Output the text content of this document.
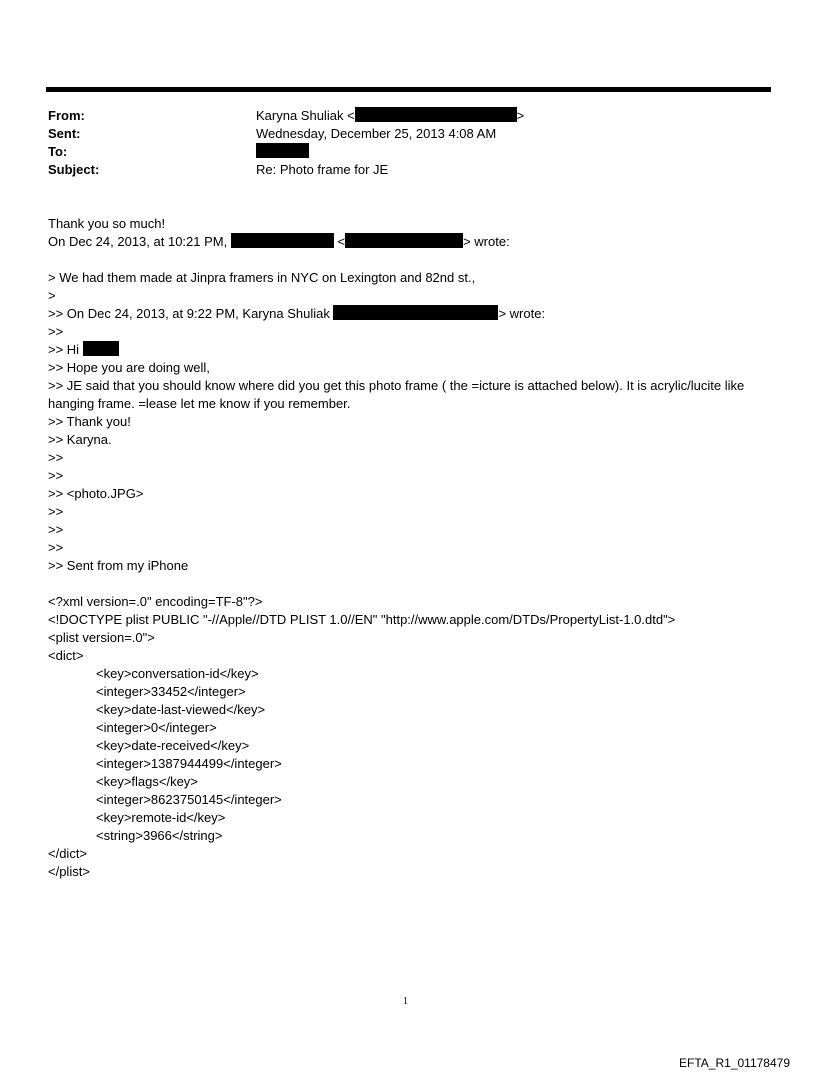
From:	Karyna Shuliak <	>
Sent:	Wednesday, December 25, 2013 4:08 AM
To:
Subject:	Re: Photo frame for JE
Thank you so much!
On Dec 24, 2013, at 10:21 PM,	<	> wrote:
> We had them made at Jinpra framers in NYC on Lexington and 82nd st.,
>
>> On Dec 24, 2013, at 9:22 PM, Karyna Shuliak	> wrote:
>>
>> Hi
>> Hope you are doing well,
>> JE said that you should know where did you get this photo frame ( the =icture is attached below). It is acrylic/lucite like hanging frame. =lease let me know if you remember.
>> Thank you!
>> Karyna.
>>
>>
>> <photo.JPG>
>>
>>
>>
>> Sent from my iPhone
<?xml version=.0" encoding=TF-8"?>
<!DOCTYPE plist PUBLIC "-//Apple//DTD PLIST 1.0//EN" "http://www.apple.com/DTDs/PropertyList-1.0.dtd">
<plist version=.0">
<dict>
<key>conversation-id</key>
<integer>33452</integer>
<key>date-last-viewed</key>
<integer>0</integer>
<key>date-received</key>
<integer>1387944499</integer>
<key>flags</key>
<integer>8623750145</integer>
<key>remote-id</key>
<string>3966</string>
</dict>
</plist>
1
EFTA_R1_01178479
